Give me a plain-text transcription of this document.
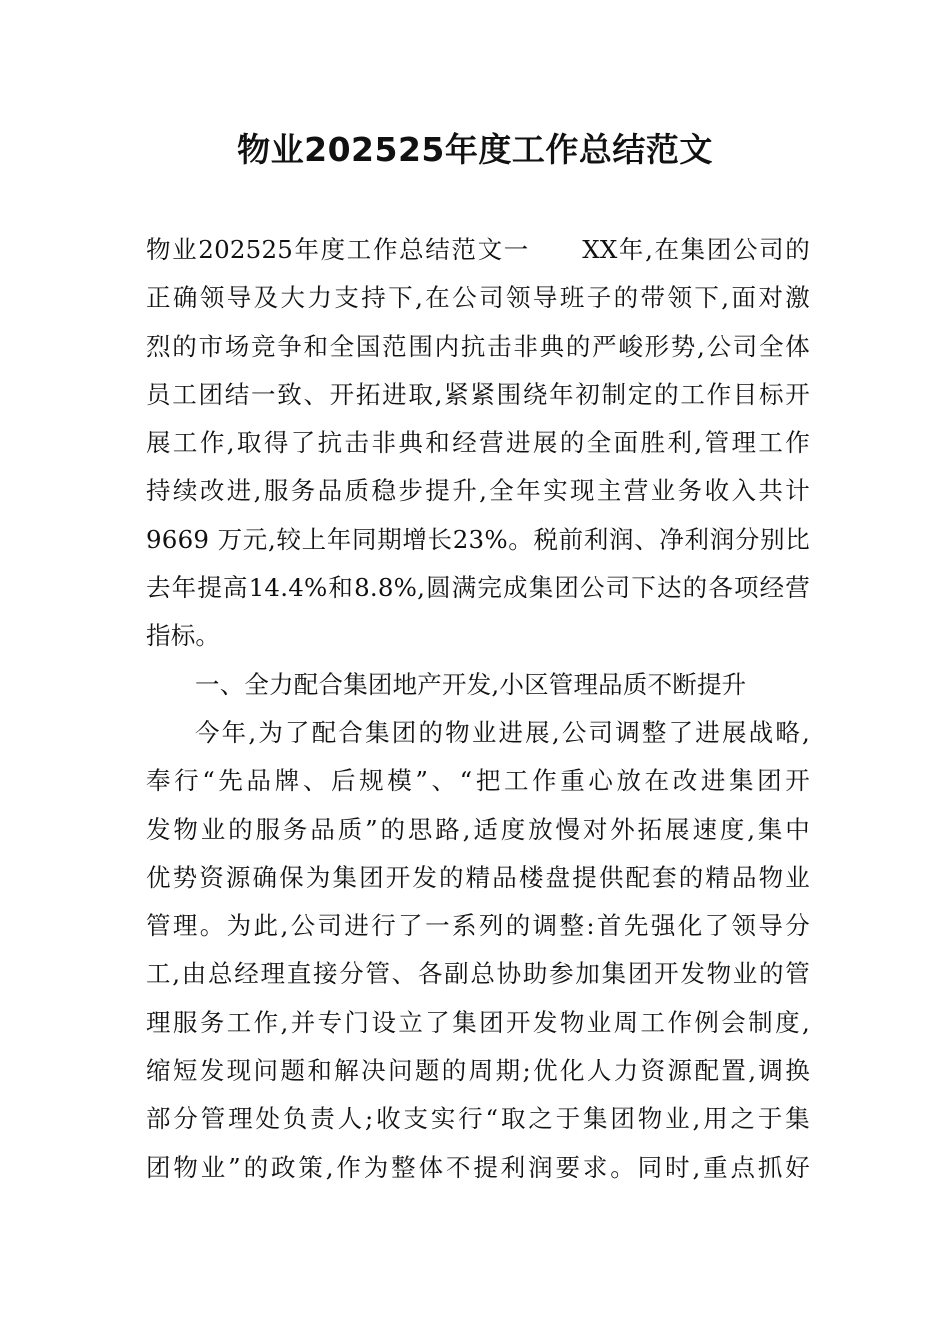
物业202525年度工作总结范文
物业202525年度工作总结范文一　　XX年,在集团公司的
正确领导及大力支持下,在公司领导班子的带领下,面对激
烈的市场竞争和全国范围内抗击非典的严峻形势,公司全体
员工团结一致、开拓进取,紧紧围绕年初制定的工作目标开
展工作,取得了抗击非典和经营进展的全面胜利,管理工作
持续改进,服务品质稳步提升,全年实现主营业务收入共计
9669 万元,较上年同期增长23%。税前利润、净利润分别比
去年提高14.4%和8.8%,圆满完成集团公司下达的各项经营
指标。
一、全力配合集团地产开发,小区管理品质不断提升
今年,为了配合集团的物业进展,公司调整了进展战略,
奉行“先品牌、后规模”、“把工作重心放在改进集团开
发物业的服务品质”的思路,适度放慢对外拓展速度,集中
优势资源确保为集团开发的精品楼盘提供配套的精品物业
管理。为此,公司进行了一系列的调整:首先强化了领导分
工,由总经理直接分管、各副总协助参加集团开发物业的管
理服务工作,并专门设立了集团开发物业周工作例会制度,
缩短发现问题和解决问题的周期;优化人力资源配置,调换
部分管理处负责人;收支实行“取之于集团物业,用之于集
团物业”的政策,作为整体不提利润要求。同时,重点抓好
